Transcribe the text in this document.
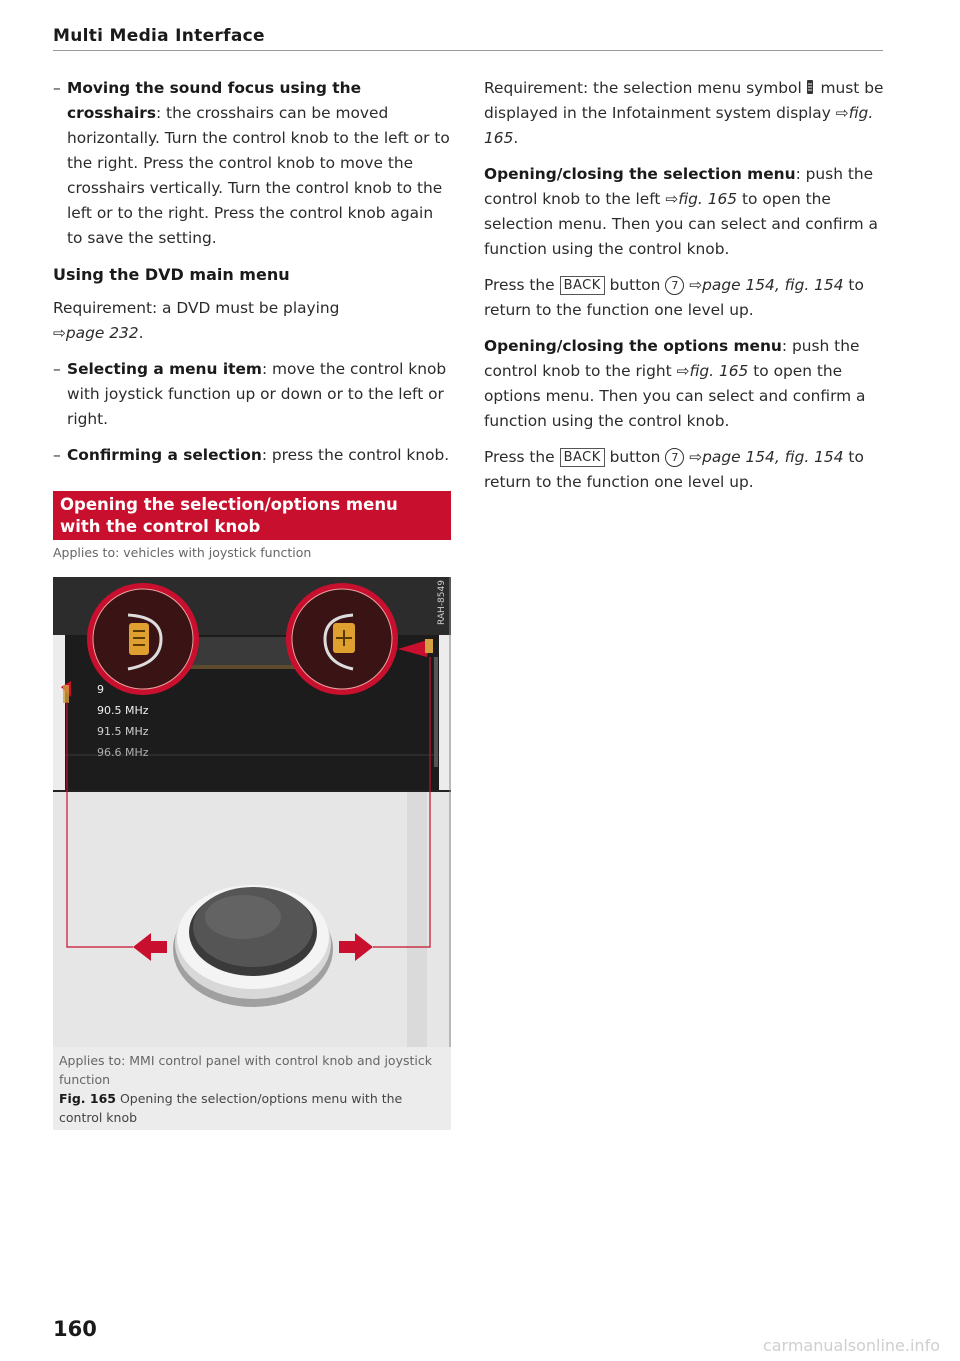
Multi Media Interface
– Moving the sound focus using the crosshairs: the crosshairs can be moved horizontally. Turn the control knob to the left or to the right. Press the control knob to move the crosshairs vertically. Turn the control knob to the left or to the right. Press the control knob again to save the setting.
Using the DVD main menu

Requirement: a DVD must be playing
⇨page 232.

– Selecting a menu item: move the control knob with joystick function up or down or to the left or right.
– Confirming a selection: press the control knob.
Opening the selection/options menu with the control knob
Applies to: vehicles with joystick function
9
90.5 MHz
91.5 MHz
96.6 MHz
RAH-8549
Applies to: MMI control panel with control knob and joystick function
Fig. 165 Opening the selection/options menu with the control knob

Requirement: the selection menu symbol must be displayed in the Infotainment system display ⇨fig. 165.

Opening/closing the selection menu: push the control knob to the left ⇨fig. 165 to open the selection menu. Then you can select and confirm a function using the control knob.

Press the BACK button 7 ⇨page 154, fig. 154 to return to the function one level up.

Opening/closing the options menu: push the control knob to the right ⇨fig. 165 to open the options menu. Then you can select and confirm a function using the control knob.

Press the BACK button 7 ⇨page 154, fig. 154 to return to the function one level up.

160
carmanualsonline.info
